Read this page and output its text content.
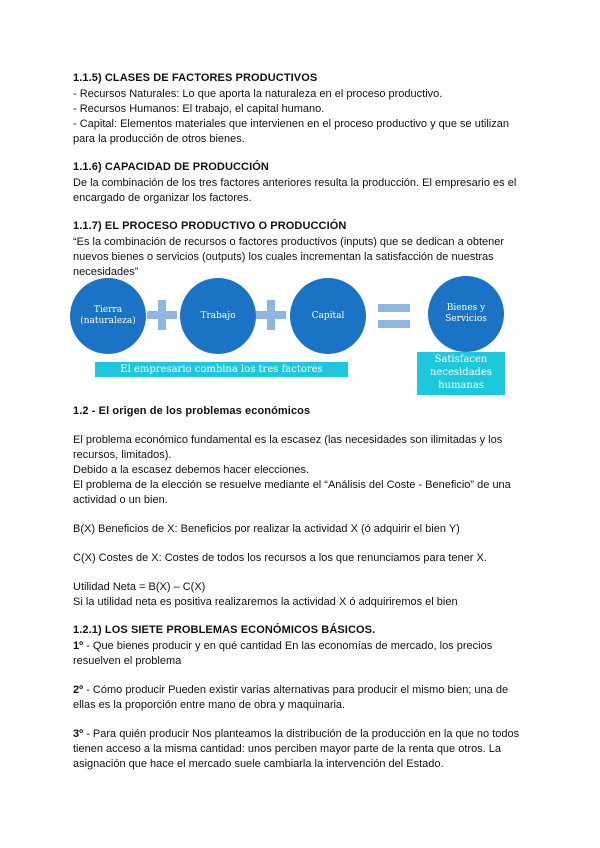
1.1.5) CLASES DE FACTORES PRODUCTIVOS
- Recursos Naturales: Lo que aporta la naturaleza en el proceso productivo.
- Recursos Humanos: El trabajo, el capital humano.
- Capital: Elementos materiales que intervienen en el proceso productivo y que se utilizan
para la producción de otros bienes.
1.1.6) CAPACIDAD DE PRODUCCIÓN
De la combinación de los tres factores anteriores resulta la producción. El empresario es el
encargado de organizar los factores.
1.1.7) EL PROCESO PRODUCTIVO O PRODUCCIÓN
“Es la combinación de recursos o factores productivos (inputs) que se dedican a obtener
nuevos bienes o servicios (outputs) los cuales incrementan la satisfacción de nuestras
necesidades”
Tierra
(naturaleza)
Trabajo	Capital
Bienes y
Servicios
El empresario combina los tres factores
Satisfacen
necesidades
humanas
1.2 - El origen de los problemas económicos
El problema económico fundamental es la escasez (las necesidades son ilimitadas y los
recursos, limitados).
Debido a la escasez debemos hacer elecciones.
El problema de la elección se resuelve mediante el “Análisis del Coste - Beneficio” de una
actividad o un bien.
B(X) Beneficios de X: Beneficios por realizar la actividad X (ó adquirir el bien Y)
C(X) Costes de X: Costes de todos los recursos a los que renunciamos para tener X.
Utilidad Neta = B(X) – C(X)
Si la utilidad neta es positiva realizaremos la actividad X ó adquiriremos el bien
1.2.1) LOS SIETE PROBLEMAS ECONÓMICOS BÁSICOS.
1º - Que bienes producir y en qué cantidad En las economías de mercado, los precios
resuelven el problema
2º - Cómo producir Pueden existir varias alternativas para producir el mismo bien; una de
ellas es la proporción entre mano de obra y maquinaria.
3º - Para quién producir Nos planteamos la distribución de la producción en la que no todos
tienen acceso a la misma cantidad: unos perciben mayor parte de la renta que otros. La
asignación que hace el mercado suele cambiarla la intervención del Estado.
